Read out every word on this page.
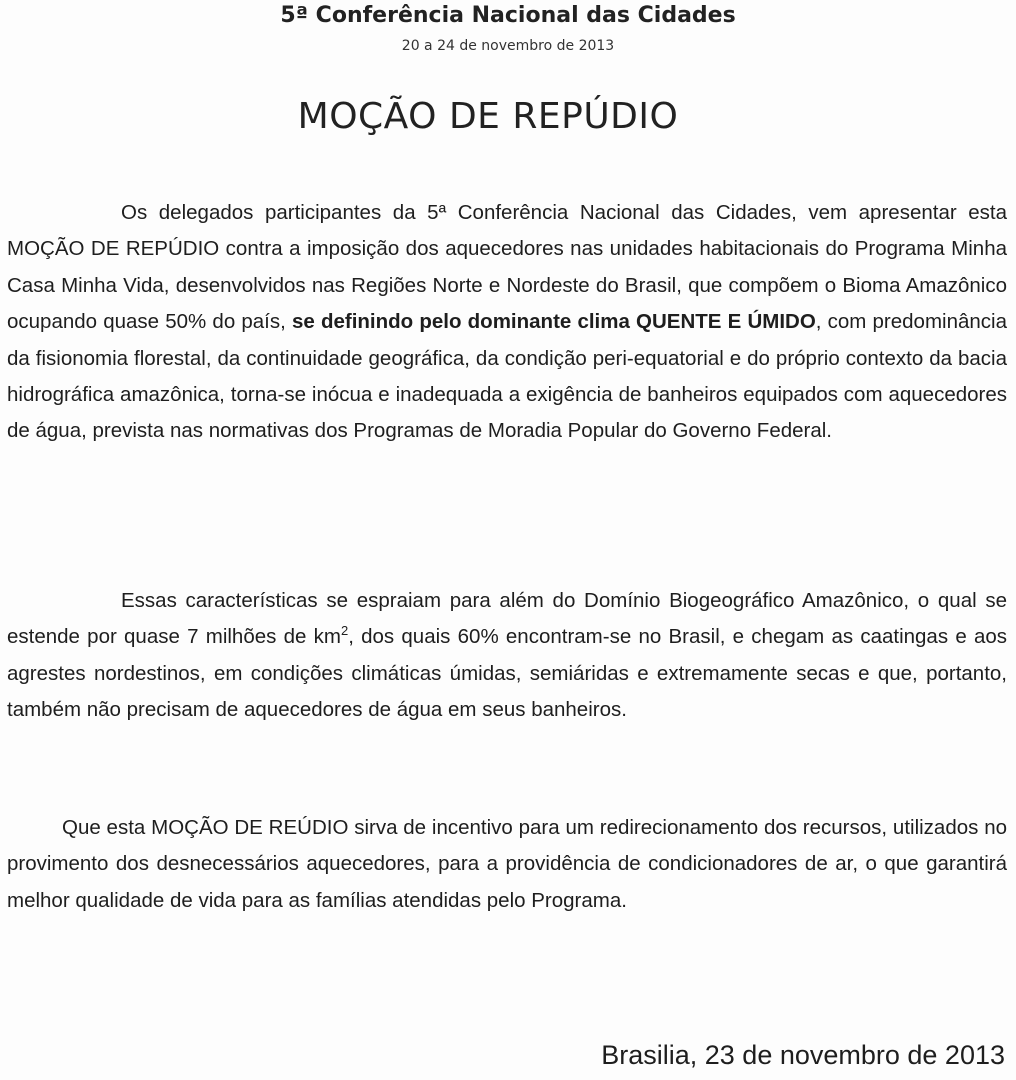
5ª Conferência Nacional das Cidades
20 a 24 de novembro de 2013
MOÇÃO DE REPÚDIO

Os delegados participantes da 5ª Conferência Nacional das Cidades, vem apresentar esta MOÇÃO DE REPÚDIO contra a imposição dos aquecedores nas unidades habitacionais do Programa Minha Casa Minha Vida, desenvolvidos nas Regiões Norte e Nordeste do Brasil, que compõem o Bioma Amazônico ocupando quase 50% do país, se definindo pelo dominante clima QUENTE E ÚMIDO, com predominância da fisionomia florestal, da continuidade geográfica, da condição peri-equatorial e do próprio contexto da bacia hidrográfica amazônica, torna-se inócua e inadequada a exigência de banheiros equipados com aquecedores de água, prevista nas normativas dos Programas de Moradia Popular do Governo Federal.

Essas características se espraiam para além do Domínio Biogeográfico Amazônico, o qual se estende por quase 7 milhões de $km^2$, dos quais 60% encontram-se no Brasil, e chegam as caatingas e aos agrestes nordestinos, em condições climáticas úmidas, semiáridas e extremamente secas e que, portanto, também não precisam de aquecedores de água em seus banheiros.

Que esta MOÇÃO DE REÚDIO sirva de incentivo para um redirecionamento dos recursos, utilizados no provimento dos desnecessários aquecedores, para a providência de condicionadores de ar, o que garantirá melhor qualidade de vida para as famílias atendidas pelo Programa.

Brasilia, 23 de novembro de 2013
